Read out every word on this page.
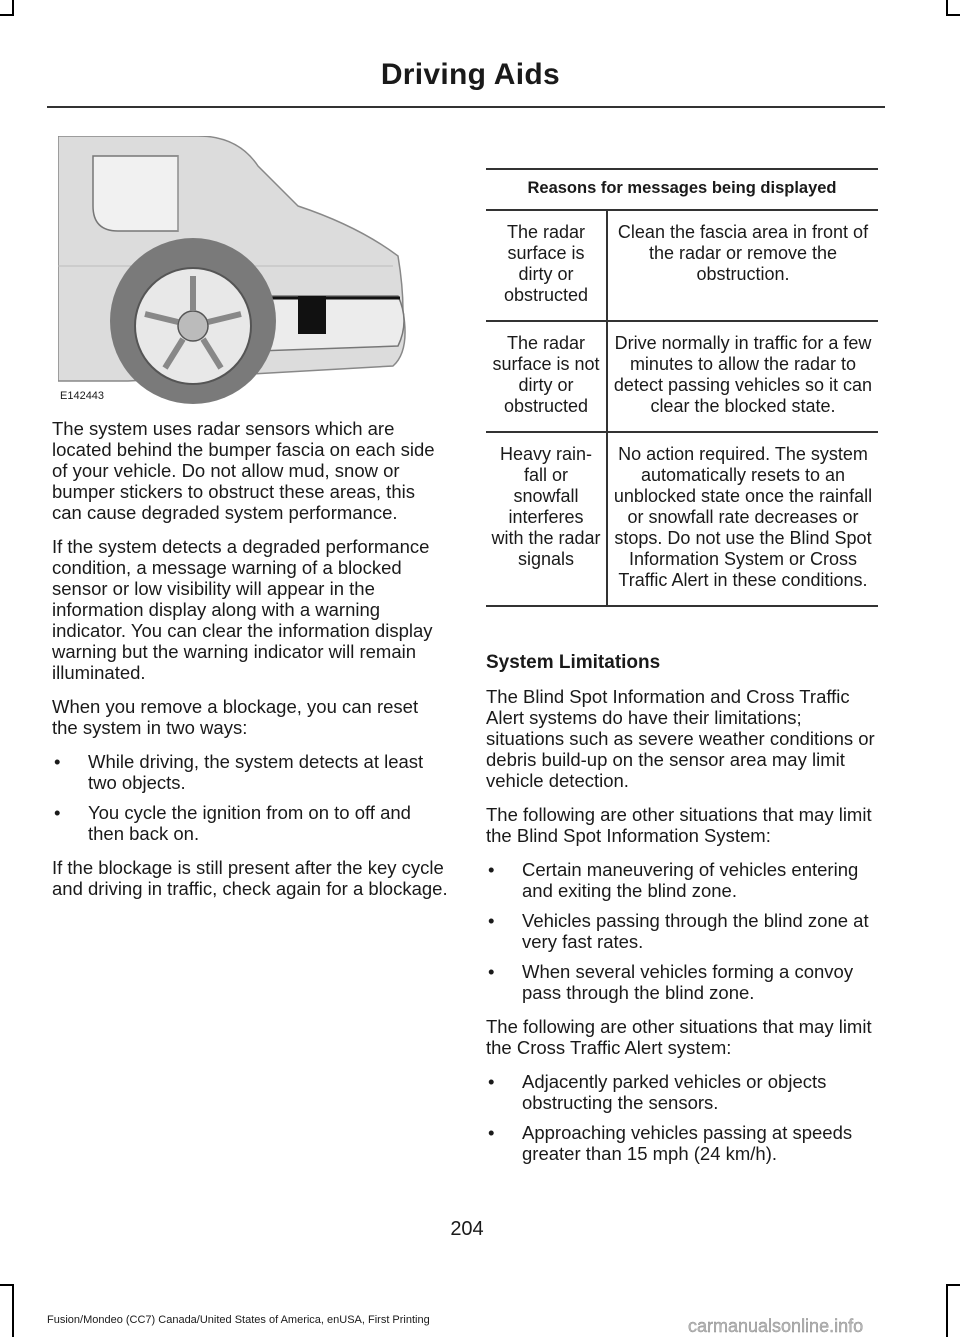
Driving Aids
E142443

The system uses radar sensors which are located behind the bumper fascia on each side of your vehicle. Do not allow mud, snow or bumper stickers to obstruct these areas, this can cause degraded system performance.

If the system detects a degraded performance condition, a message warning of a blocked sensor or low visibility will appear in the information display along with a warning indicator. You can clear the information display warning but the warning indicator will remain illuminated.

When you remove a blockage, you can reset the system in two ways:

• While driving, the system detects at least two objects.
• You cycle the ignition from on to off and then back on.

If the blockage is still present after the key cycle and driving in traffic, check again for a blockage.

Reasons for messages being displayed	
The radar surface is dirty or obstructed	Clean the fascia area in front of the radar or remove the obstruction.
The radar surface is not dirty or obstructed	Drive normally in traffic for a few minutes to allow the radar to detect passing vehicles so it can clear the blocked state.
Heavy rain-fall or snowfall interferes with the radar signals	No action required. The system automatically resets to an unblocked state once the rainfall or snowfall rate decreases or stops. Do not use the Blind Spot Information System or Cross Traffic Alert in these conditions.
System Limitations

The Blind Spot Information and Cross Traffic Alert systems do have their limitations; situations such as severe weather conditions or debris build-up on the sensor area may limit vehicle detection.

The following are other situations that may limit the Blind Spot Information System:

• Certain maneuvering of vehicles entering and exiting the blind zone.
• Vehicles passing through the blind zone at very fast rates.
• When several vehicles forming a convoy pass through the blind zone.

The following are other situations that may limit the Cross Traffic Alert system:

• Adjacently parked vehicles or objects obstructing the sensors.
• Approaching vehicles passing at speeds greater than 15 mph (24 km/h).
204
Fusion/Mondeo (CC7) Canada/United States of America, enUSA, First Printing	carmanualsonline.info
